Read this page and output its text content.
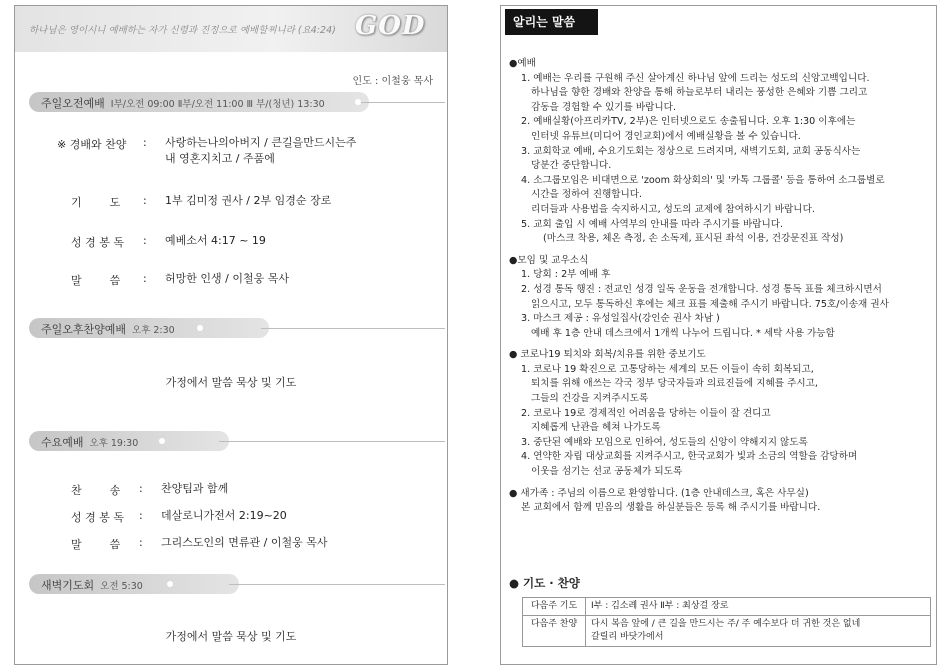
하나님은 영이시니 예배하는 자가 신령과 진정으로 예배할찌니라 (요4:24) GOD
인도 : 이철웅 목사
주일오전예배 Ⅰ부/오전 09:00 Ⅱ부/오전 11:00 Ⅲ 부/(청년) 13:30
※ 경배와 찬양 : 사랑하는나의아버지 / 큰길을만드시는주
내 영혼지치고 / 주품에
기        도 : 1부 김미정 권사 / 2부 임경순 장로
성 경 봉 독 : 예베소서 4:17 ~ 19
말        씀 : 허망한 인생 / 이철웅 목사
주일오후찬양예배 오후 2:30
가정에서 말씀 묵상 및 기도
수요예배 오후 19:30
찬        송 : 찬양팀과 함께
성 경 봉 독 : 데살로니가전서 2:19~20
말        씀 : 그리스도인의 면류관 / 이철웅 목사
새벽기도회 오전 5:30
가정에서 말씀 묵상 및 기도
알리는 말씀
●예배
1. 예배는 우리를 구원해 주신 살아계신 하나님 앞에 드리는 성도의 신앙고백입니다.
하나님을 향한 경배와 찬양을 통해 하늘로부터 내리는 풍성한 은혜와 기쁨 그리고
감동을 경험할 수 있기를 바랍니다.
2. 예배실황(아프리카TV, 2부)은 인터넷으로도 송출됩니다. 오후 1:30 이후에는
인터넷 유튜브(미디어 경인교회)에서 예배실황을 볼 수 있습니다.
3. 교회학교 예배, 수요기도회는 정상으로 드려지며, 새벽기도회, 교회 공동식사는
당분간 중단합니다.
4. 소그룹모임은 비대면으로 'zoom 화상회의' 및 '카톡 그룹콜' 등을 통하여 소그룹별로
시간을 정하여 진행합니다.
리더들과 사용법을 숙지하시고, 성도의 교제에 참여하시기 바랍니다.
5. 교회 출입 시 예배 사역부의 안내를 따라 주시기를 바랍니다.
(마스크 착용, 체온 측정, 손 소독제, 표시된 좌석 이용, 건강문진표 작성)
●모임 및 교우소식
1. 당회 : 2부 예배 후
2. 성경 통독 행진 : 전교인 성경 일독 운동을 전개합니다. 성경 통독 표를 체크하시면서
읽으시고, 모두 통독하신 후에는 체크 표를 제출해 주시기 바랍니다. 75호/이송재 권사
3. 마스크 제공 : 유성일집사(강인순 권사 차남 )
예배 후 1층 안내 데스크에서 1개씩 나누어 드립니다. * 세탁 사용 가능함
● 코로나19 퇴치와 회복/치유를 위한 중보기도
1. 코로나 19 확진으로 고통당하는 세계의 모든 이들이 속히 회복되고,
퇴치를 위해 애쓰는 각국 정부 당국자들과 의료진들에 지혜를 주시고,
그들의 건강을 지켜주시도록
2. 코로나 19로 경제적인 어려움을 당하는 이들이 잘 견디고
지혜롭게 난관을 헤쳐 나가도록
3. 중단된 예배와 모임으로 인하여, 성도들의 신앙이 약해지지 않도록
4. 연약한 자립 대상교회를 지켜주시고, 한국교회가 빛과 소금의 역할을 감당하며
이웃을 섬기는 선교 공동체가 되도록
● 새가족 : 주님의 이름으로 환영합니다. (1층 안내데스크, 혹은 사무실)
본 교회에서 함께 믿음의 생활을 하실분들은 등록 해 주시기를 바랍니다.
● 기도 · 찬양
다음주 기도	Ⅰ부 : 김소례 권사 Ⅱ부 : 최상걸 장로
다음주 찬양	다시 복음 앞에 / 큰 길을 만드시는 주/ 주 예수보다 더 귀한 것은 없네
갈릴리 바닷가에서
